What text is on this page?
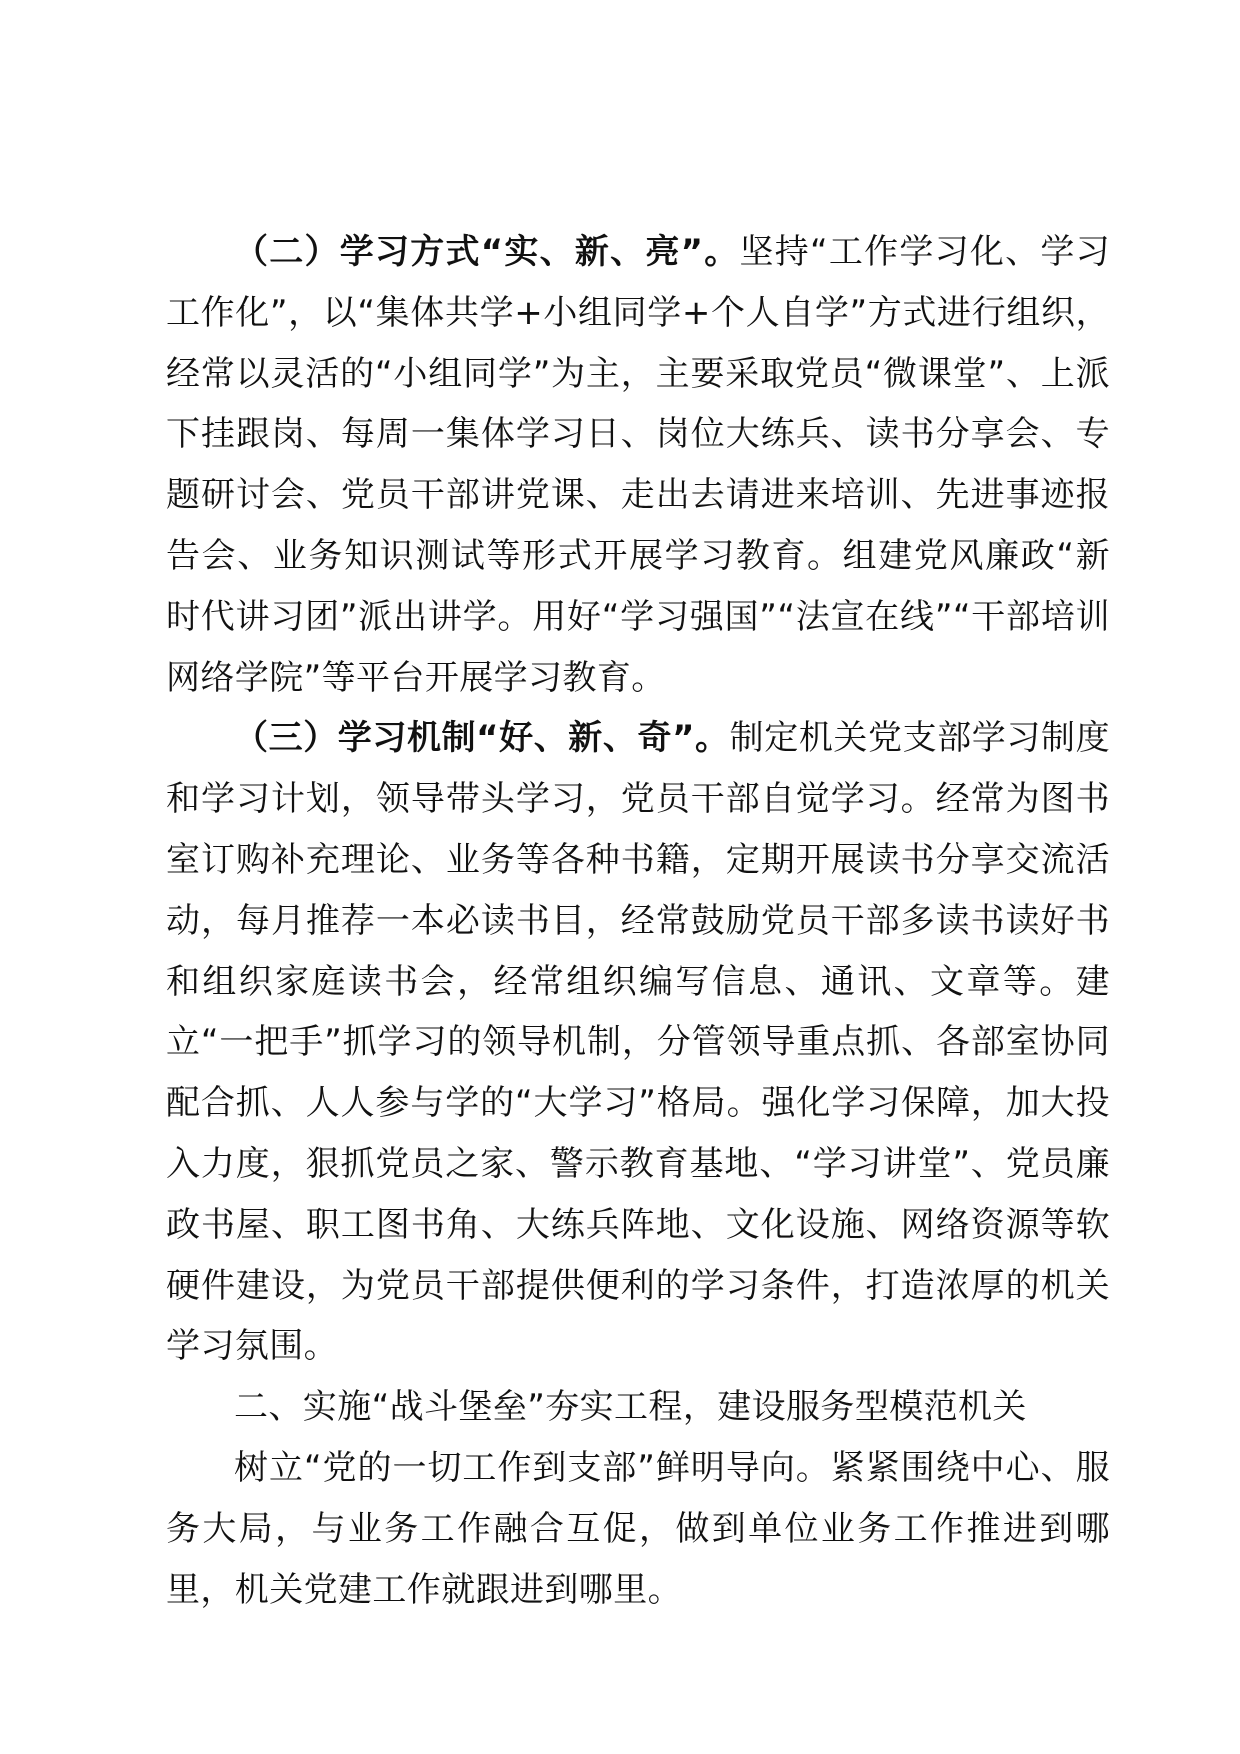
（二）学习方式“实、新、亮”。坚持“工作学习化、学习工作化”，以“集体共学+小组同学+个人自学”方式进行组织，经常以灵活的“小组同学”为主，主要采取党员“微课堂”、上派下挂跟岗、每周一集体学习日、岗位大练兵、读书分享会、专题研讨会、党员干部讲党课、走出去请进来培训、先进事迹报告会、业务知识测试等形式开展学习教育。组建党风廉政“新时代讲习团”派出讲学。用好“学习强国”“法宣在线”“干部培训网络学院”等平台开展学习教育。

（三）学习机制“好、新、奇”。制定机关党支部学习制度和学习计划，领导带头学习，党员干部自觉学习。经常为图书室订购补充理论、业务等各种书籍，定期开展读书分享交流活动，每月推荐一本必读书目，经常鼓励党员干部多读书读好书和组织家庭读书会，经常组织编写信息、通讯、文章等。建立“一把手”抓学习的领导机制，分管领导重点抓、各部室协同配合抓、人人参与学的“大学习”格局。强化学习保障，加大投入力度，狠抓党员之家、警示教育基地、“学习讲堂”、党员廉政书屋、职工图书角、大练兵阵地、文化设施、网络资源等软硬件建设，为党员干部提供便利的学习条件，打造浓厚的机关学习氛围。

二、实施“战斗堡垒”夯实工程，建设服务型模范机关

树立“党的一切工作到支部”鲜明导向。紧紧围绕中心、服务大局，与业务工作融合互促，做到单位业务工作推进到哪里，机关党建工作就跟进到哪里。
